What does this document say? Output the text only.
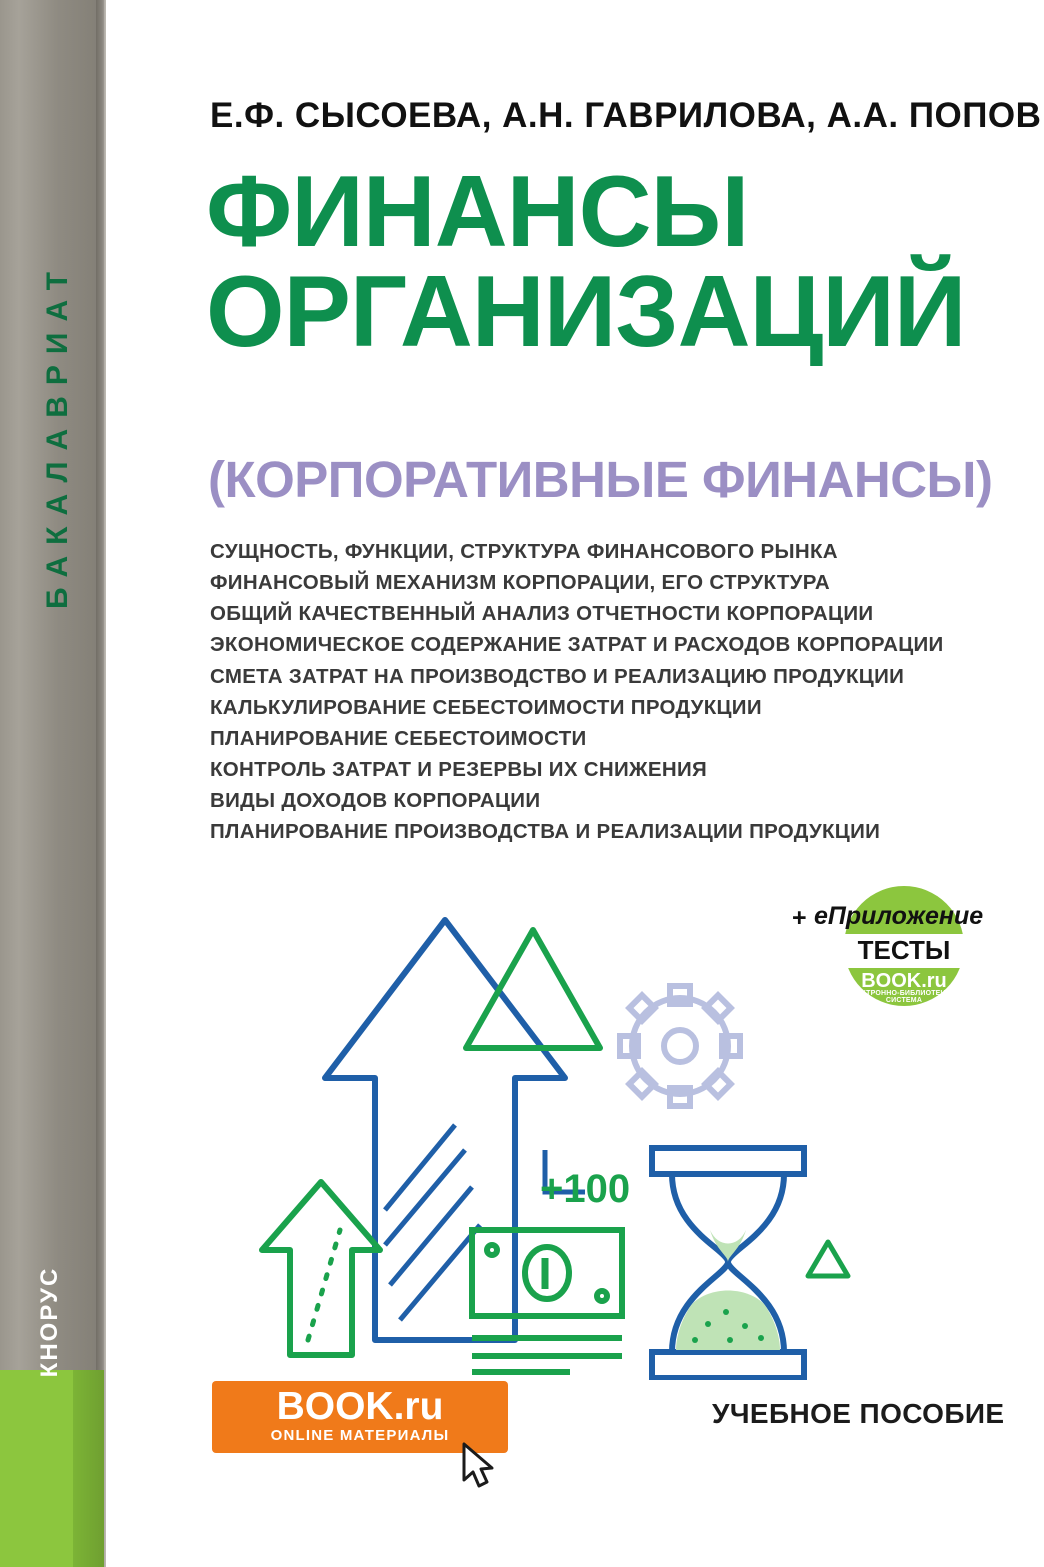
БАКАЛАВРИАТ
КНОРУС
Е.Ф. СЫСОЕВА, А.Н. ГАВРИЛОВА, А.А. ПОПОВ
ФИНАНСЫ
ОРГАНИЗАЦИЙ
(КОРПОРАТИВНЫЕ ФИНАНСЫ)
СУЩНОСТЬ, ФУНКЦИИ, СТРУКТУРА ФИНАНСОВОГО РЫНКА
ФИНАНСОВЫЙ МЕХАНИЗМ КОРПОРАЦИИ, ЕГО СТРУКТУРА
ОБЩИЙ КАЧЕСТВЕННЫЙ АНАЛИЗ ОТЧЕТНОСТИ КОРПОРАЦИИ
ЭКОНОМИЧЕСКОЕ СОДЕРЖАНИЕ ЗАТРАТ И РАСХОДОВ КОРПОРАЦИИ
СМЕТА ЗАТРАТ НА ПРОИЗВОДСТВО И РЕАЛИЗАЦИЮ ПРОДУКЦИИ
КАЛЬКУЛИРОВАНИЕ СЕБЕСТОИМОСТИ ПРОДУКЦИИ
ПЛАНИРОВАНИЕ СЕБЕСТОИМОСТИ
КОНТРОЛЬ ЗАТРАТ И РЕЗЕРВЫ ИХ СНИЖЕНИЯ
ВИДЫ ДОХОДОВ КОРПОРАЦИИ
ПЛАНИРОВАНИЕ ПРОИЗВОДСТВА И РЕАЛИЗАЦИИ ПРОДУКЦИИ
+ еПриложение
ТЕСТЫ
BOOK.ru
ЭЛЕКТРОННО-БИБЛИОТЕЧНАЯ СИСТЕМА
+100
BOOK.ru
ONLINE МАТЕРИАЛЫ
УЧЕБНОЕ ПОСОБИЕ
